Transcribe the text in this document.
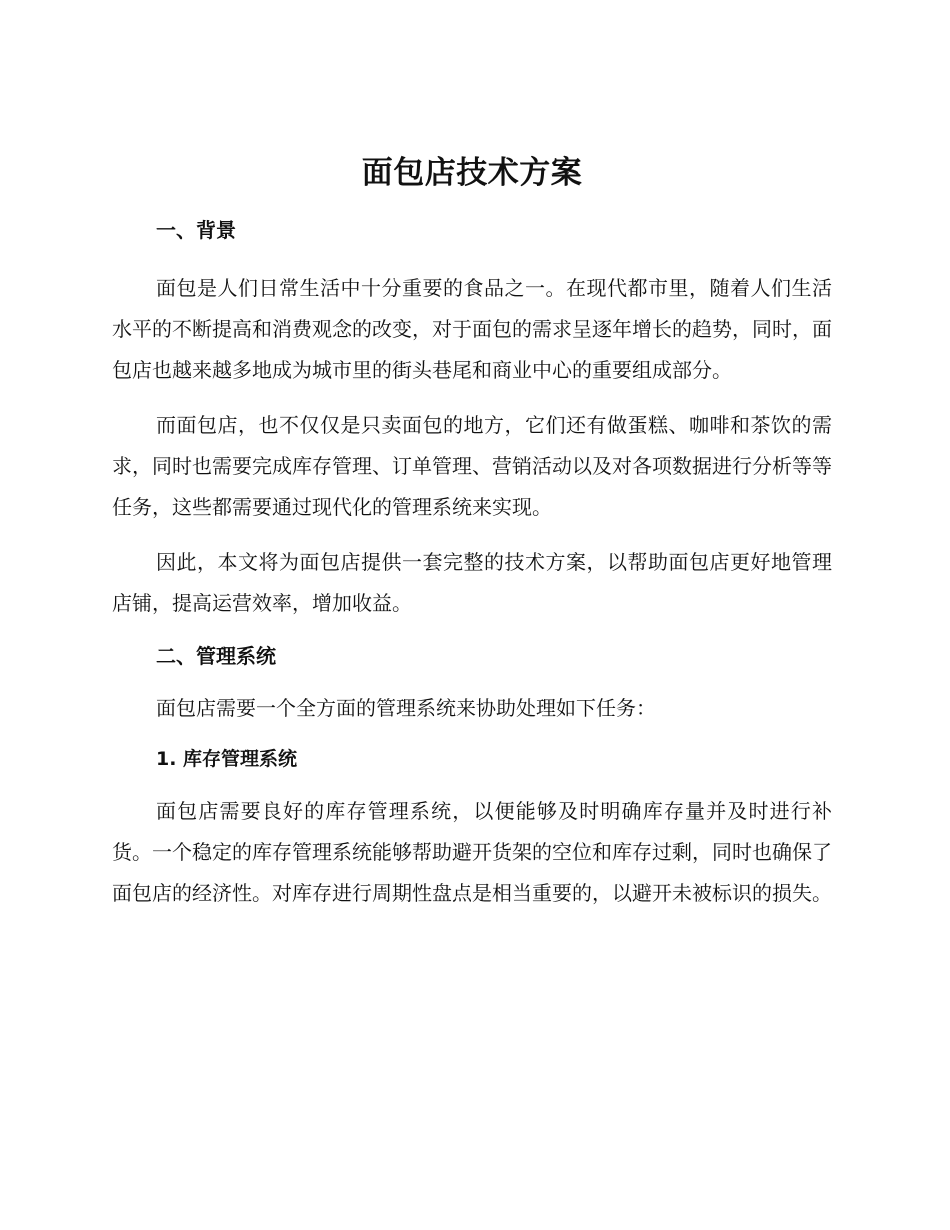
面包店技术方案
一、背景

面包是人们日常生活中十分重要的食品之一。在现代都市里，随着人们生活水平的不断提高和消费观念的改变，对于面包的需求呈逐年增长的趋势，同时，面包店也越来越多地成为城市里的街头巷尾和商业中心的重要组成部分。

而面包店，也不仅仅是只卖面包的地方，它们还有做蛋糕、咖啡和茶饮的需求，同时也需要完成库存管理、订单管理、营销活动以及对各项数据进行分析等等任务，这些都需要通过现代化的管理系统来实现。

因此，本文将为面包店提供一套完整的技术方案，以帮助面包店更好地管理店铺，提高运营效率，增加收益。

二、管理系统

面包店需要一个全方面的管理系统来协助处理如下任务：

1. 库存管理系统

面包店需要良好的库存管理系统，以便能够及时明确库存量并及时进行补货。一个稳定的库存管理系统能够帮助避开货架的空位和库存过剩，同时也确保了面包店的经济性。对库存进行周期性盘点是相当重要的，以避开未被标识的损失。
